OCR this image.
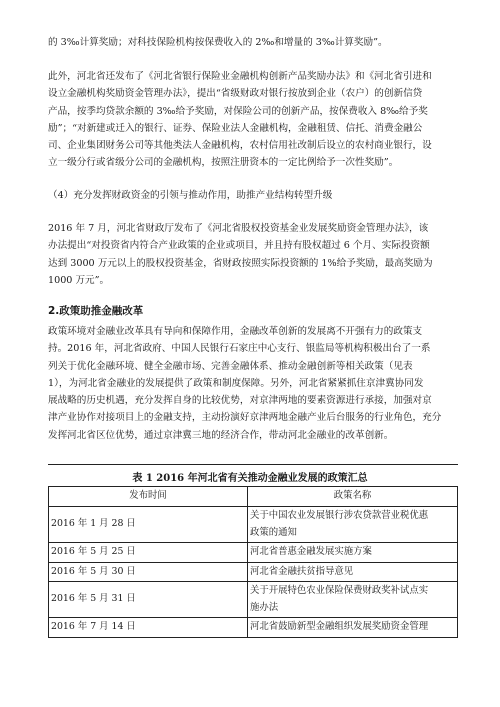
的 3‰计算奖励；对科技保险机构按保费收入的 2‰和增量的 3‰计算奖励”。

此外，河北省还发布了《河北省银行保险业金融机构创新产品奖励办法》和《河北省引进和
设立金融机构奖励资金管理办法》，提出“省级财政对银行按放到企业（农户）的创新信贷
产品，按季均贷款余额的 3‰给予奖励，对保险公司的创新产品，按保费收入 8‰给予奖
励”；“对新建或迁入的银行、证券、保险业法人金融机构，金融租赁、信托、消费金融公
司、企业集团财务公司等其他类法人金融机构，农村信用社改制后设立的农村商业银行，设
立一级分行或省级分公司的金融机构，按照注册资本的一定比例给予一次性奖励”。

（4）充分发挥财政资金的引领与推动作用，助推产业结构转型升级

2016 年 7 月，河北省财政厅发布了《河北省股权投资基金业发展奖励资金管理办法》，该
办法提出“对投资省内符合产业政策的企业或项目，并且持有股权超过 6 个月、实际投资额
达到 3000 万元以上的股权投资基金，省财政按照实际投资额的 1%给予奖励，最高奖励为
1000 万元”。

2.政策助推金融改革

政策环境对金融业改革具有导向和保障作用，金融改革创新的发展离不开强有力的政策支
持。2016 年，河北省政府、中国人民银行石家庄中心支行、银监局等机构积极出台了一系
列关于优化金融环境、健全金融市场、完善金融体系、推动金融创新等相关政策（见表
1），为河北省金融业的发展提供了政策和制度保障。另外，河北省紧紧抓住京津冀协同发
展战略的历史机遇，充分发挥自身的比较优势，对京津两地的要素资源进行承接，加强对京
津产业协作对接项目上的金融支持，主动扮演好京津两地金融产业后台服务的行业角色，充分
发挥河北省区位优势，通过京津冀三地的经济合作，带动河北金融业的改革创新。

表 1 2016 年河北省有关推动金融业发展的政策汇总
发布时间	政策名称
2016 年 1 月 28 日	关于中国农业发展银行涉农贷款营业税优惠
政策的通知

2016 年 5 月 25 日	河北省普惠金融发展实施方案

2016 年 5 月 30 日	河北省金融扶贫指导意见

2016 年 5 月 31 日	关于开展特色农业保险保费财政奖补试点实
施办法

2016 年 7 月 14 日	河北省鼓励新型金融组织发展奖励资金管理
